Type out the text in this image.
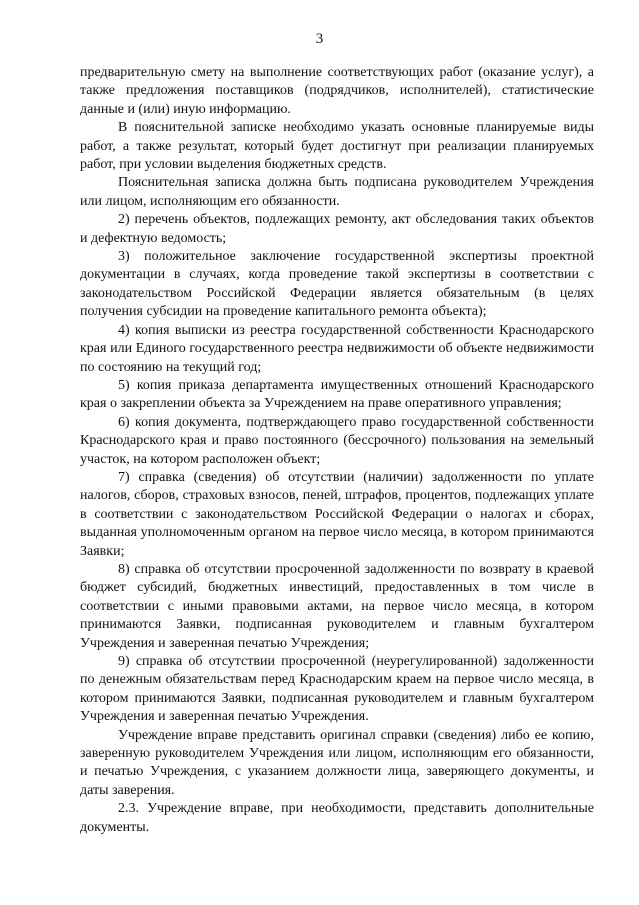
3

предварительную смету на выполнение соответствующих работ (оказание услуг), а также предложения поставщиков (подрядчиков, исполнителей), статистические данные и (или) иную информацию.

В пояснительной записке необходимо указать основные планируемые виды работ, а также результат, который будет достигнут при реализации планируемых работ, при условии выделения бюджетных средств.

Пояснительная записка должна быть подписана руководителем Учреждения или лицом, исполняющим его обязанности.

2) перечень объектов, подлежащих ремонту, акт обследования таких объектов и дефектную ведомость;

3) положительное заключение государственной экспертизы проектной документации в случаях, когда проведение такой экспертизы в соответствии с законодательством Российской Федерации является обязательным (в целях получения субсидии на проведение капитального ремонта объекта);

4) копия выписки из реестра государственной собственности Краснодарского края или Единого государственного реестра недвижимости об объекте недвижимости по состоянию на текущий год;

5) копия приказа департамента имущественных отношений Краснодарского края о закреплении объекта за Учреждением на праве оперативного управления;

6) копия документа, подтверждающего право государственной собственности Краснодарского края и право постоянного (бессрочного) пользования на земельный участок, на котором расположен объект;

7) справка (сведения) об отсутствии (наличии) задолженности по уплате налогов, сборов, страховых взносов, пеней, штрафов, процентов, подлежащих уплате в соответствии с законодательством Российской Федерации о налогах и сборах, выданная уполномоченным органом на первое число месяца, в котором принимаются Заявки;

8) справка об отсутствии просроченной задолженности по возврату в краевой бюджет субсидий, бюджетных инвестиций, предоставленных в том числе в соответствии с иными правовыми актами, на первое число месяца, в котором принимаются Заявки, подписанная руководителем и главным бухгалтером Учреждения и заверенная печатью Учреждения;

9) справка об отсутствии просроченной (неурегулированной) задолженности по денежным обязательствам перед Краснодарским краем на первое число месяца, в котором принимаются Заявки, подписанная руководителем и главным бухгалтером Учреждения и заверенная печатью Учреждения.

Учреждение вправе представить оригинал справки (сведения) либо ее копию, заверенную руководителем Учреждения или лицом, исполняющим его обязанности, и печатью Учреждения, с указанием должности лица, заверяющего документы, и даты заверения.

2.3. Учреждение вправе, при необходимости, представить дополнительные документы.
